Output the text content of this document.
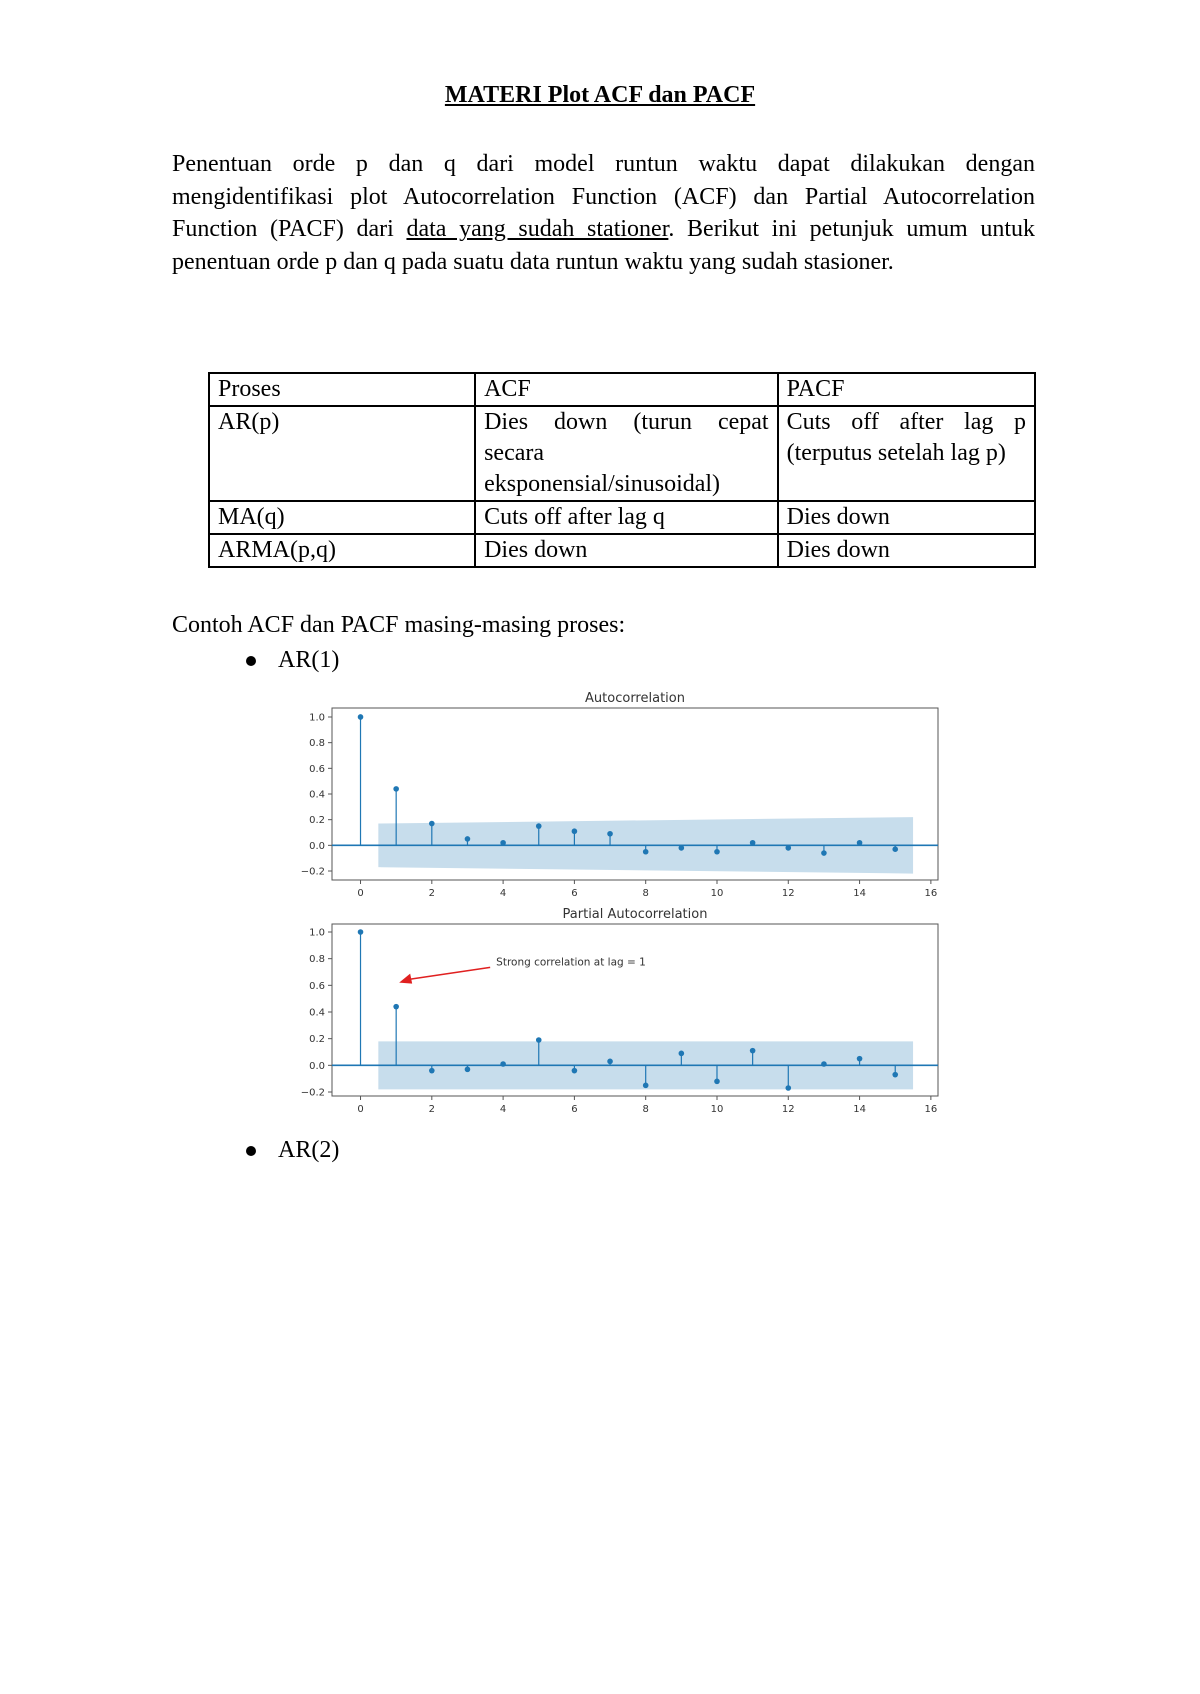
MATERI Plot ACF dan PACF

Penentuan orde p dan q dari model runtun waktu dapat dilakukan dengan mengidentifikasi plot Autocorrelation Function (ACF) dan Partial Autocorrelation Function (PACF) dari data yang sudah stationer. Berikut ini petunjuk umum untuk penentuan orde p dan q pada suatu data runtun waktu yang sudah stasioner.

Proses	ACF	PACF
AR(p)	Dies down (turun cepat secara eksponensial/sinusoidal)	Cuts off after lag p (terputus setelah lag p)
MA(q)	Cuts off after lag q	Dies down
ARMA(p,q)	Dies down	Dies down
Contoh ACF dan PACF masing-masing proses:
AR(1)
Autocorrelation
0	2	4	6	8	10	12	14	16
1.0
0.8
0.6
0.4
0.2
0.0
−0.2
Partial Autocorrelation
0	2	4	6	8	10	12	14	16
1.0
0.8
0.6
0.4
0.2
0.0
−0.2
Strong correlation at lag = 1
AR(2)
